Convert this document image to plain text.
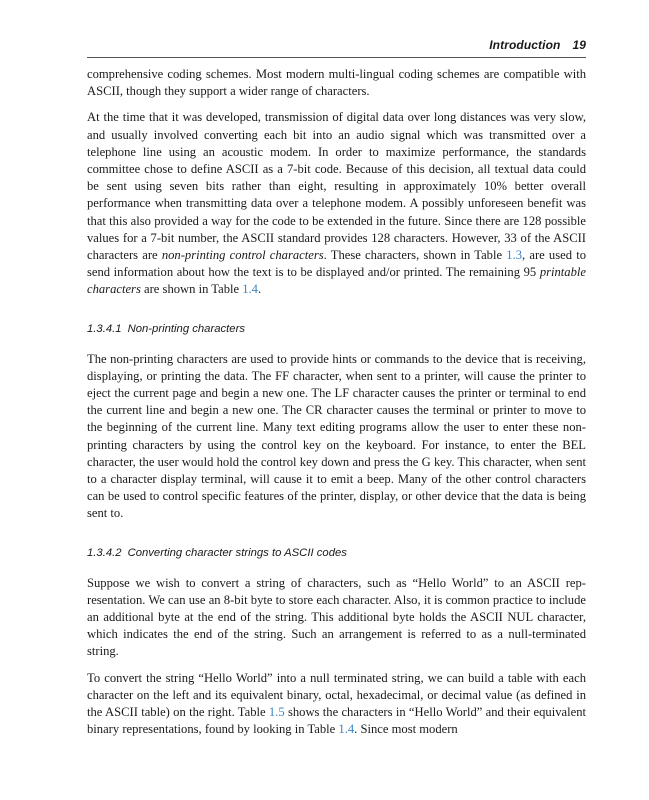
Introduction 19

comprehensive coding schemes. Most modern multi-lingual coding schemes are compatible with ASCII, though they support a wider range of characters.

At the time that it was developed, transmission of digital data over long distances was very slow, and usually involved converting each bit into an audio signal which was transmitted over a telephone line using an acoustic modem. In order to maximize performance, the standards committee chose to define ASCII as a 7-bit code. Because of this decision, all textual data could be sent using seven bits rather than eight, resulting in approximately 10% better overall performance when transmitting data over a telephone modem. A possibly unforeseen benefit was that this also provided a way for the code to be extended in the future. Since there are 128 possible values for a 7-bit number, the ASCII standard provides 128 characters. However, 33 of the ASCII characters are non-printing control characters. These characters, shown in Table 1.3, are used to send information about how the text is to be displayed and/or printed. The remaining 95 printable characters are shown in Table 1.4.

1.3.4.1 Non-printing characters

The non-printing characters are used to provide hints or commands to the device that is receiving, displaying, or printing the data. The FF character, when sent to a printer, will cause the printer to eject the current page and begin a new one. The LF character causes the printer or terminal to end the current line and begin a new one. The CR character causes the terminal or printer to move to the beginning of the current line. Many text editing programs allow the user to enter these non-printing characters by using the control key on the keyboard. For instance, to enter the BEL character, the user would hold the control key down and press the G key. This character, when sent to a character display terminal, will cause it to emit a beep. Many of the other control characters can be used to control specific features of the printer, display, or other device that the data is being sent to.

1.3.4.2 Converting character strings to ASCII codes

Suppose we wish to convert a string of characters, such as “Hello World” to an ASCII representation. We can use an 8-bit byte to store each character. Also, it is common practice to include an additional byte at the end of the string. This additional byte holds the ASCII NUL character, which indicates the end of the string. Such an arrangement is referred to as a null-terminated string.

To convert the string “Hello World” into a null terminated string, we can build a table with each character on the left and its equivalent binary, octal, hexadecimal, or decimal value (as defined in the ASCII table) on the right. Table 1.5 shows the characters in “Hello World” and their equivalent binary representations, found by looking in Table 1.4. Since most modern
